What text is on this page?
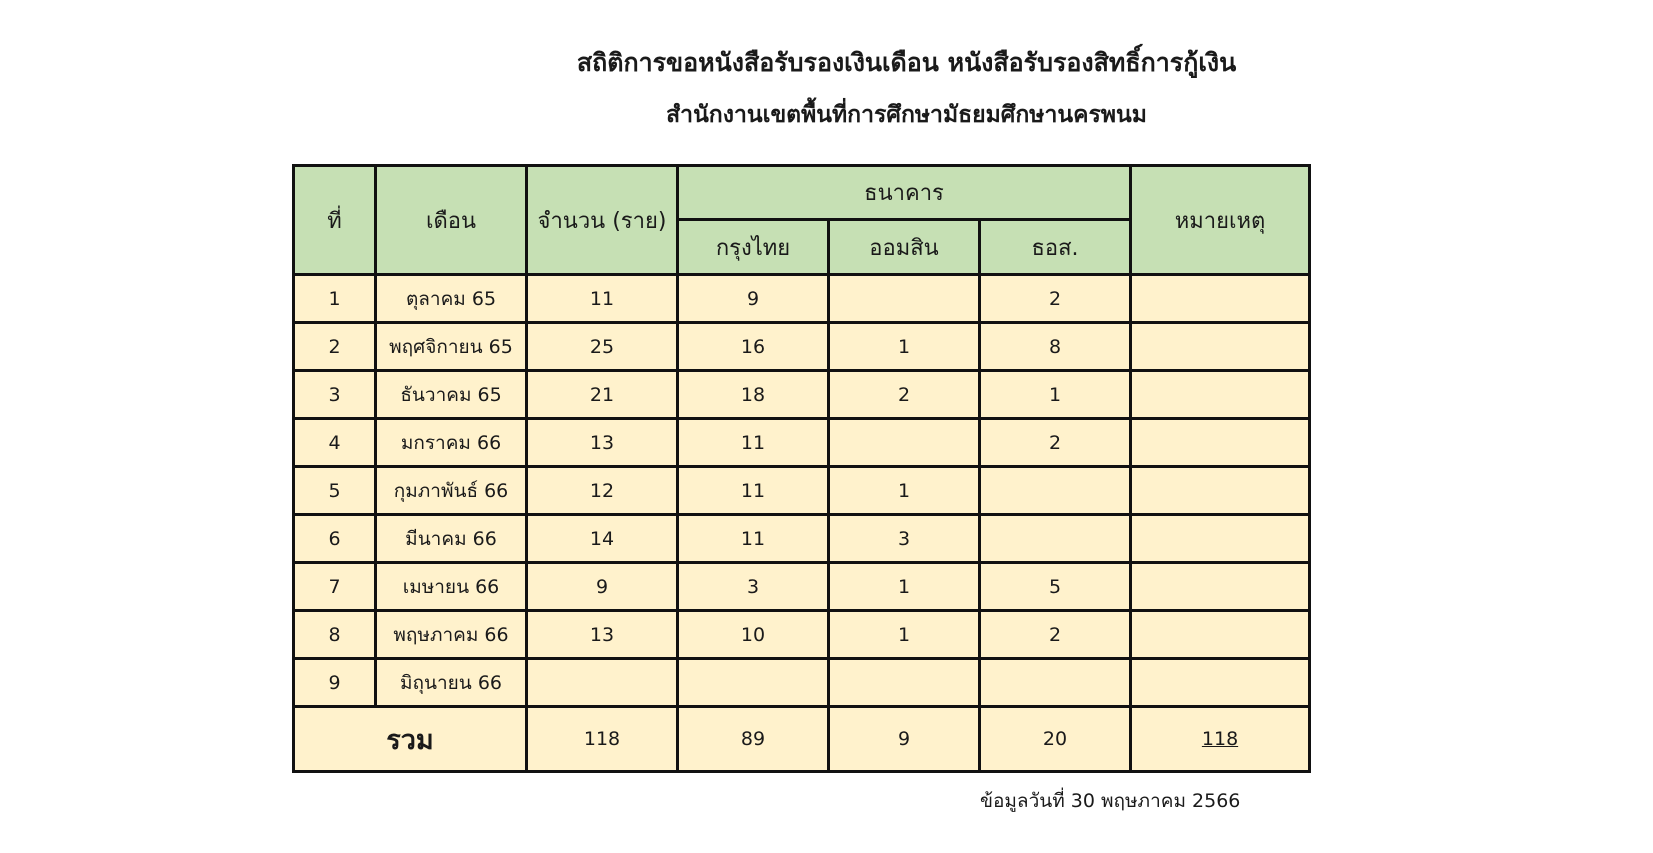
สถิติการขอหนังสือรับรองเงินเดือน หนังสือรับรองสิทธิ์การกู้เงิน
สำนักงานเขตพื้นที่การศึกษามัธยมศึกษานครพนม
ที่	เดือน	จำนวน (ราย)	ธนาคาร			หมายเหตุ
			กรุงไทย	ออมสิน	ธอส.	
1	ตุลาคม 65	11	9		2	
2	พฤศจิกายน 65	25	16	1	8	
3	ธันวาคม 65	21	18	2	1	
4	มกราคม 66	13	11		2	
5	กุมภาพันธ์ 66	12	11	1		
6	มีนาคม 66	14	11	3		
7	เมษายน 66	9	3	1	5	
8	พฤษภาคม 66	13	10	1	2	
9	มิถุนายน 66					
รวม		118	89	9	20	118
ข้อมูลวันที่ 30 พฤษภาคม 2566
